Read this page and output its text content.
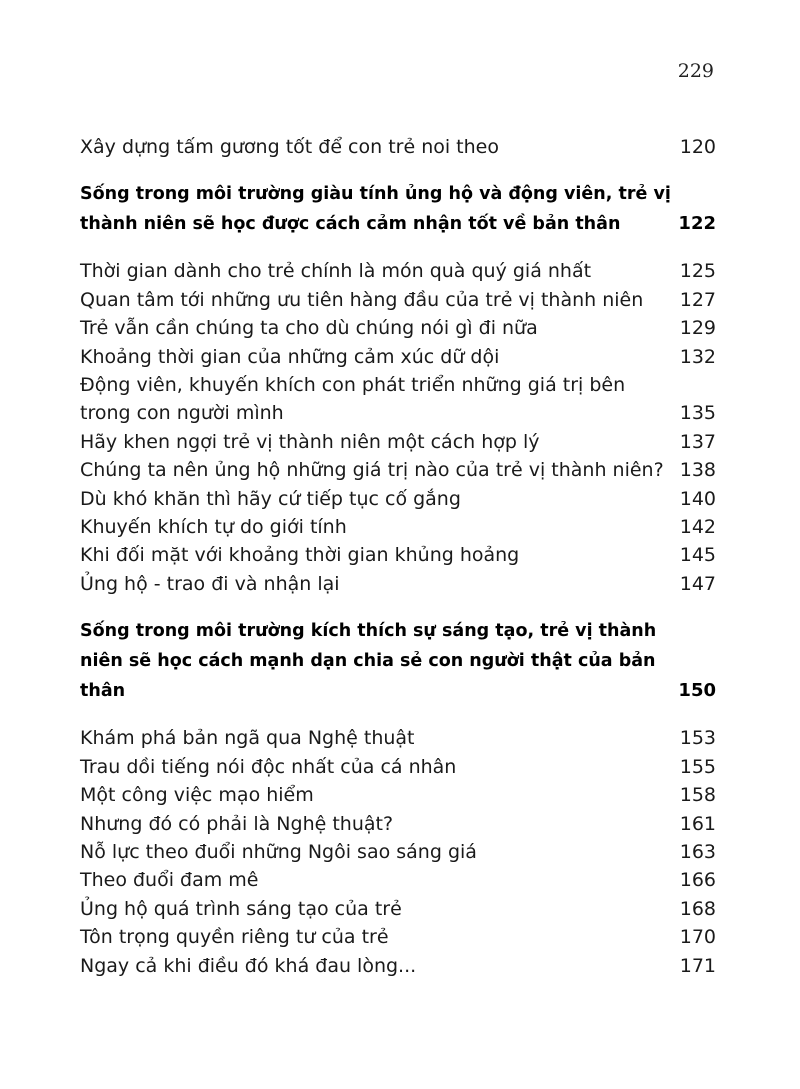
229
Xây dựng tấm gương tốt để con trẻ noi theo	120
Sống trong môi trường giàu tính ủng hộ và động viên, trẻ vị thành niên sẽ học được cách cảm nhận tốt về bản thân	122
Thời gian dành cho trẻ chính là món quà quý giá nhất	125
Quan tâm tới những ưu tiên hàng đầu của trẻ vị thành niên 127
Trẻ vẫn cần chúng ta cho dù chúng nói gì đi nữa	129
Khoảng thời gian của những cảm xúc dữ dội	132
Động viên, khuyến khích con phát triển những giá trị bên trong con người mình	135
Hãy khen ngợi trẻ vị thành niên một cách hợp lý	137
Chúng ta nên ủng hộ những giá trị nào của trẻ vị thành niên? 138
Dù khó khăn thì hãy cứ tiếp tục cố gắng	140
Khuyến khích tự do giới tính	142
Khi đối mặt với khoảng thời gian khủng hoảng	145
Ủng hộ - trao đi và nhận lại	147
Sống trong môi trường kích thích sự sáng tạo, trẻ vị thành niên sẽ học cách mạnh dạn chia sẻ con người thật của bản thân	150
Khám phá bản ngã qua Nghệ thuật	153
Trau dồi tiếng nói độc nhất của cá nhân	155
Một công việc mạo hiểm	158
Nhưng đó có phải là Nghệ thuật?	161
Nỗ lực theo đuổi những Ngôi sao sáng giá	163
Theo đuổi đam mê	166
Ủng hộ quá trình sáng tạo của trẻ	168
Tôn trọng quyền riêng tư của trẻ	170
Ngay cả khi điều đó khá đau lòng...	171
